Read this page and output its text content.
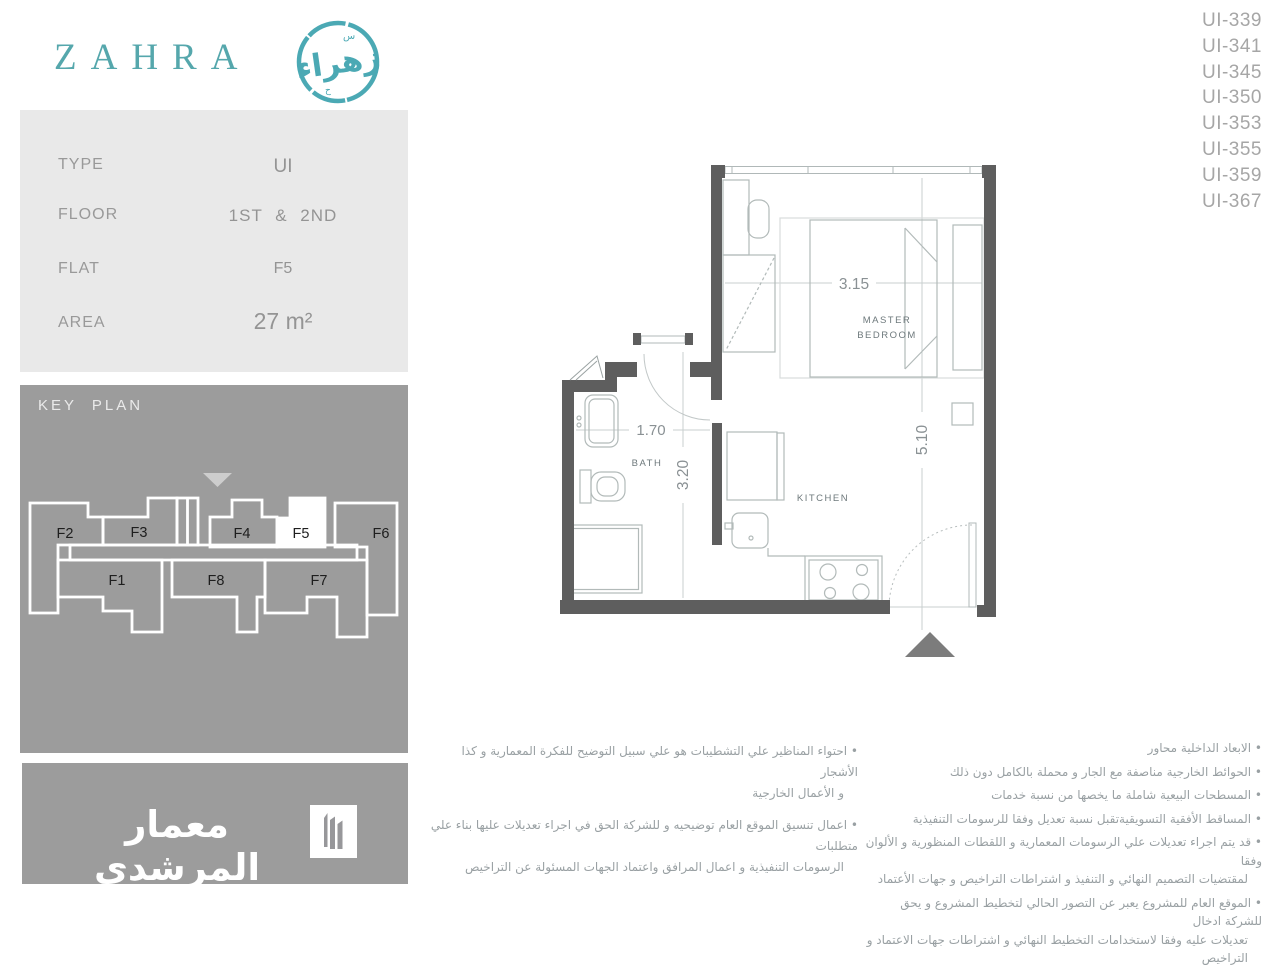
ZAHRA زهراء
س
ح
TYPE	UI
FLOOR	1ST & 2ND
FLAT	F5
AREA	27 m²
KEY PLAN
F2	F3	F4	F5	F6
F1	F8	F7
معمار المرشدى
UI-339
UI-341
UI-345
UI-350
UI-353
UI-355
UI-359
UI-367
3.15
5.10
3.20
1.70
MASTER
BEDROOM
BATH
KITCHEN
• احتواء المناظير علي التشطيبات هو علي سبيل التوضيح للفكرة المعمارية و كذا الأشجار
و الأعمال الخارجية
• اعمال تنسيق الموقع العام توضيحيه و للشركة الحق في اجراء تعديلات عليها بناء علي متطلبات
الرسومات التنفيذية و اعمال المرافق واعتماد الجهات المسئولة عن التراخيص
• الابعاد الداخلية محاور
• الحوائط الخارجية مناصفة مع الجار و محملة بالكامل دون ذلك
• المسطحات البيعية شاملة ما يخصها من نسبة خدمات
• المساقط الأفقية التسويقيةتقبل نسبة تعديل وفقا للرسومات التنفيذية
• قد يتم اجراء تعديلات علي الرسومات المعمارية و اللقطات المنظورية و الألوان وفقا
لمقتضيات التصميم النهائي و التنفيذ و اشتراطات التراخيص و جهات الأعتماد
• الموقع العام للمشروع يعبر عن التصور الحالي لتخطيط المشروع و يحق للشركة ادخال
تعديلات عليه وفقا لاستخدامات التخطيط النهائي و اشتراطات جهات الاعتماد و التراخيص
